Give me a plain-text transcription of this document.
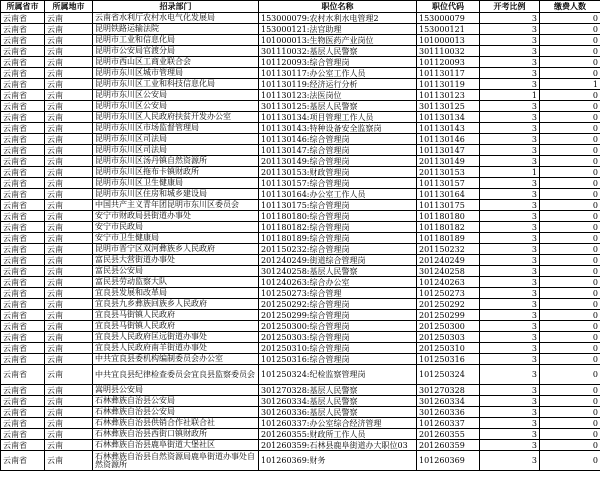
所属省市	所属地市	招录部门	职位名称	职位代码	开考比例	缴费人数
云南省	云南	云南省水利厅农村水电气化发展局	153000079:农村水利水电管理2	153000079	3	0
云南省	云南	昆明铁路运输法院	153000121:法官助理	153000121	3	0
云南省	云南	昆明市工业和信息化局	101000013:生物医药产业岗位	101000013	3	0
云南省	云南	昆明市公安局官渡分局	301110032:基层人民警察	301110032	3	0
云南省	云南	昆明市西山区工商业联合会	101120093:综合管理岗	101120093	3	0
云南省	云南	昆明市东川区城市管理局	101130117:办公室工作人员	101130117	3	0
云南省	云南	昆明市东川区工业和科技信息化局	101130119:经济运行分析	101130119	3	1
云南省	云南	昆明市东川区公安局	101130123:法医岗位	101130123	1	0
云南省	云南	昆明市东川区公安局	301130125:基层人民警察	301130125	3	0
云南省	云南	昆明市东川区人民政府扶贫开发办公室	101130134:项目管理工作人员	101130134	3	0
云南省	云南	昆明市东川区市场监督管理局	101130143:特种设备安全监察岗	101130143	3	0
云南省	云南	昆明市东川区司法局	101130146:综合管理岗	101130146	3	0
云南省	云南	昆明市东川区司法局	101130147:综合管理岗	101130147	3	0
云南省	云南	昆明市东川区汤丹镇自然资源所	201130149:综合管理岗	201130149	3	0
云南省	云南	昆明市东川区拖布卡镇财政所	201130153:财政管理岗	201130153	1	0
云南省	云南	昆明市东川区卫生健康局	101130157:综合管理岗	101130157	3	0
云南省	云南	昆明市东川区住房和城乡建设局	101130164:办公室工作人员	101130164	3	0
云南省	云南	中国共产主义青年团昆明市东川区委员会	101130175:综合管理岗	101130175	3	0
云南省	云南	安宁市财政局县街道办事处	101180180:综合管理岗	101180180	3	0
云南省	云南	安宁市民政局	101180182:综合管理岗	101180182	3	0
云南省	云南	安宁市卫生健康局	101180189:综合管理岗	101180189	3	0
云南省	云南	昆明市晋宁区双河彝族乡人民政府	201150232:综合管理岗	201150232	3	0
云南省	云南	富民县大营街道办事处	201240249:街道综合管理岗	201240249	3	0
云南省	云南	富民县公安局	301240258:基层人民警察	301240258	3	0
云南省	云南	富民县劳动监察大队	101240263:综合办公室	101240263	3	0
云南省	云南	宜良县发展和改革局	101250273:综合管理	101250273	3	0
云南省	云南	宜良县九乡彝族回族乡人民政府	201250292:综合管理岗	201250292	3	0
云南省	云南	宜良县马街镇人民政府	201250299:综合管理岗	201250299	3	0
云南省	云南	宜良县马街镇人民政府	201250300:综合管理岗	201250300	3	0
云南省	云南	宜良县人民政府匡远街道办事处	201250303:综合管理岗	201250303	3	0
云南省	云南	宜良县人民政府南羊街道办事处	201250310:综合管理岗	201250310	3	0
云南省	云南	中共宜良县委机构编制委员会办公室	101250316:综合管理岗	101250316	3	0
云南省	云南	中共宜良县纪律检查委员会宜良县监察委员会	101250324:纪检监察管理岗	101250324	3	0
云南省	云南	嵩明县公安局	301270328:基层人民警察	301270328	3	0
云南省	云南	石林彝族自治县公安局	301260334:基层人民警察	301260334	3	0
云南省	云南	石林彝族自治县公安局	301260336:基层人民警察	301260336	3	0
云南省	云南	石林彝族自治县供销合作社联合社	101260337:办公室综合经济管理	101260337	3	0
云南省	云南	石林彝族自治县西街口镇财政所	201260355:财政所工作人员	201260355	3	0
云南省	云南	石林彝族自治县鹿阜街道大堡社区	201260359:石林县鹿阜街道办大职位03	201260359	3	0
云南省	云南	石林彝族自治县自然资源局鹿阜街道办事处自然资源所	101260369:财务	101260369	3	0
